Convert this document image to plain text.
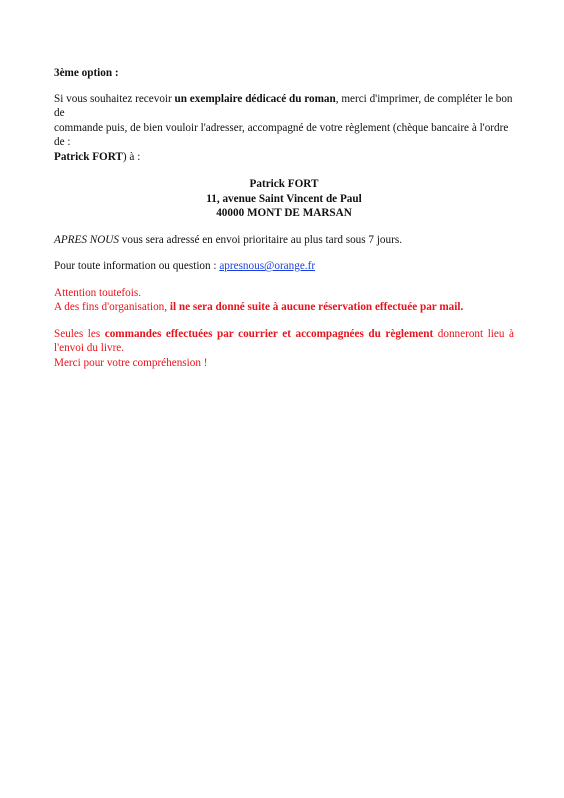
3ème option :

Si vous souhaitez recevoir un exemplaire dédicacé du roman, merci d'imprimer, de compléter le bon
de
commande puis, de bien vouloir l'adresser, accompagné de votre règlement (chèque bancaire à l'ordre
de :
Patrick FORT) à :
Patrick FORT
11, avenue Saint Vincent de Paul
40000 MONT DE MARSAN
APRES NOUS vous sera adressé en envoi prioritaire au plus tard sous 7 jours.
Pour toute information ou question : apresnous@orange.fr
Attention toutefois.
A des fins d'organisation, il ne sera donné suite à aucune réservation effectuée par mail.
Seules les commandes effectuées par courrier et accompagnées du règlement donneront lieu à l'envoi du livre.
Merci pour votre compréhension !
